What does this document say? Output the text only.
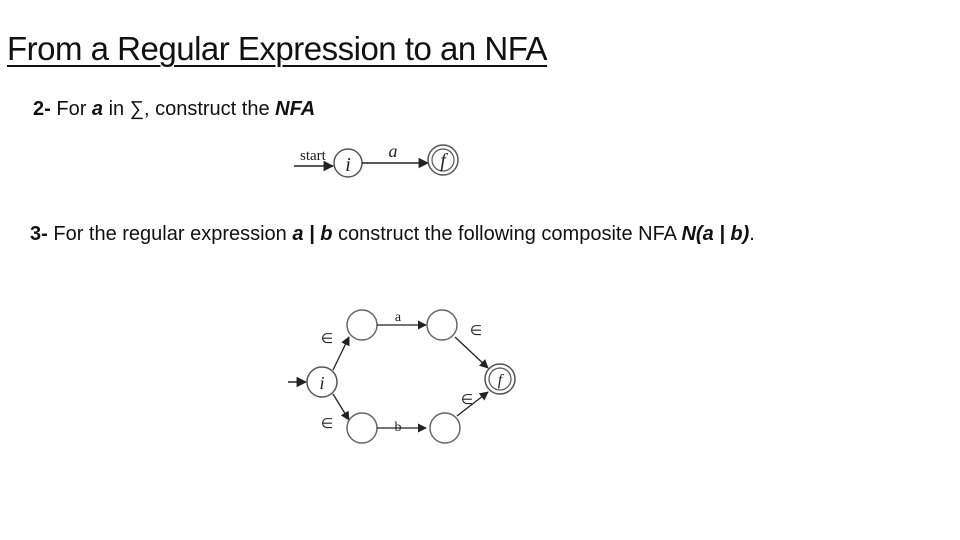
From a Regular Expression to an NFA
2- For a in ∑, construct the NFA
3- For the regular expression a | b construct the following composite NFA N(a | b).
start i
a f
i
∈
∈
a
b
∈
∈
f
